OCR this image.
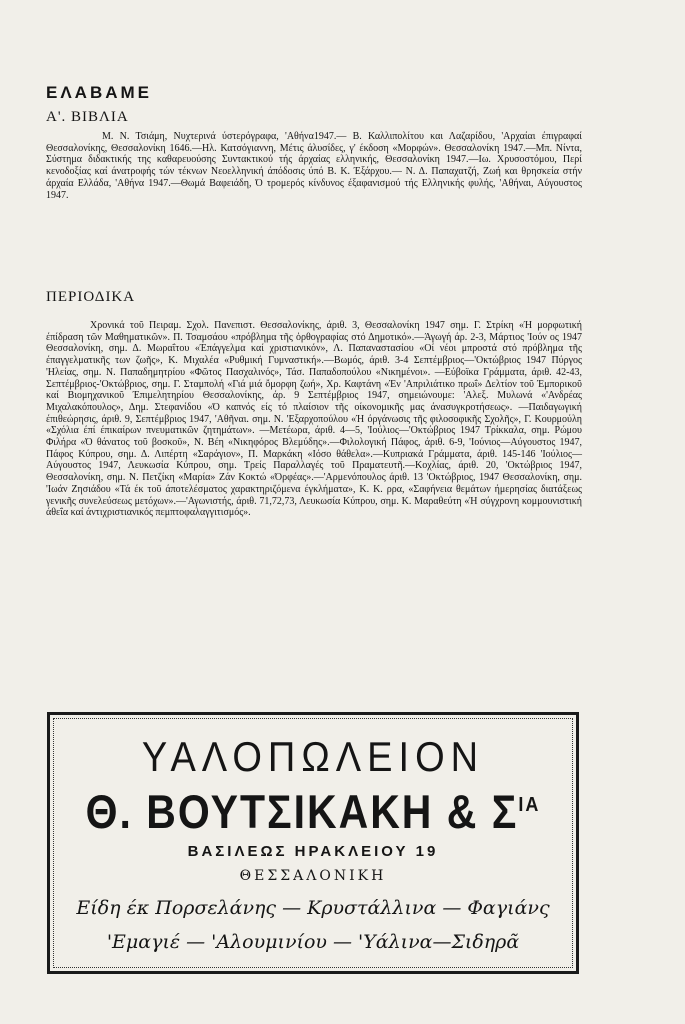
ΕΛΑΒΑΜΕ
Α'. ΒΙΒΛΙΑ
Μ. Ν. Τσιάμη, Νυχτερινά ύστερόγραφα, 'Αθήνα1947.— Β. Καλλιπολίτου και Λαζαρίδου, 'Αρχαίαι έπιγραφαί Θεσσαλονίκης, Θεσσαλονίκη 1646.—Ηλ. Κατσόγιαννη, Μέτις άλυσίδες, γ' έκδοση «Μορφών». Θεσσαλονίκη 1947.—Μπ. Νίντα, Σύστημα διδακτικής της καθαρευούσης Συντακτικού τής άρχαίας ελληνικής, Θεσσαλονίκη 1947.—Ιω. Χρυσοστόμου, Περί κενοδοξίας καί άνατροφής τών τέκνων Νεοελληνική άπόδοσις ύπό Β. Κ. Έξάρχου.— Ν. Δ. Παπαχατζή, Ζωή και θρησκεία στήν άρχαία Ελλάδα, 'Αθήνα 1947.—Θωμά Βαφειάδη, Ό τρομερός κίνδυνος έξαφανισμού τής Ελληνικής φυλής, 'Αθήναι, Αύγουστος 1947.
ΠΕΡΙΟΔΙΚΑ
Χρονικά τοῦ Πειραμ. Σχολ. Πανεπιστ. Θεσσαλονίκης, άριθ. 3, Θεσσαλονίκη 1947 σημ. Γ. Στρίκη «Ή μορφωτική έπίδραση τῶν Μαθηματικῶν». Π. Τσαμσάου «πρόβλημα τῆς ὀρθογραφίας στό Δημοτικό».—Άγωγή άρ. 2-3, Μάρτιος 'Ιούν ος 1947 Θεσσαλονίκη, σημ. Δ. Μωραΐτου «Έπάγγελμα καί χριστιανικόν», Λ. Παπαναστασίου «Οί νέοι μπροστά στό πρόβλημα τῆς έπαγγελματικῆς των ζωῆς», Κ. Μιχαλέα «Ρυθμική Γυμναστική».—Βωμός, άριθ. 3-4 Σεπτέμβριος—'Οκτώβριος 1947 Πύργος 'Ηλείας, σημ. Ν. Παπαδημητρίου «Φῶτος Πασχαλινός», Τάσ. Παπαδοπούλου «Νικημένοι». —Εύβοϊκα Γράμματα, άριθ. 42-43, Σεπτέμβριος-'Οκτώβριος, σημ. Γ. Σταμπολή «Γιά μιά ὄμορφη ζωή», Χρ. Καφτάνη «Έν 'Απριλιάτικο πρωΐ» Δελτίον τοῦ Έμπορικοῦ καί Βιομηχανικοῦ Έπιμελητηρίου Θεσσαλονίκης, άρ. 9 Σεπτέμβριος 1947, σημειώνουμε: 'Αλεξ. Μυλωνά «'Ανδρέας Μιχαλακόπουλος», Δημ. Στεφανίδου «Ό καπνός είς τό πλαίσιον τῆς οίκονομικῆς μας άνασυγκροτήσεως». —Παιδαγωγική έπιθεώρησις, άριθ. 9, Σεπτέμβριος 1947, 'Αθῆναι. σημ. Ν. 'Εξαρχοπούλου «Ή όργάνωσις τῆς φιλοσοφικῆς Σχολῆς», Γ. Κουρμούλη «Σχόλια έπί έπικαίρων πνευματικῶν ζητημάτων». —Μετέωρα, άριθ. 4—5, 'Ιούλιος—'Οκτώβριος 1947 Τρίκκαλα, σημ. Ρώμου Φιλήρα «Ό θάνατος τοῦ βοσκοῦ», Ν. Βέη «Νικηφόρος Βλεμύδης».—Φιλολογική Πάφος, άριθ. 6-9, 'Ιούνιος—Αύγουστος 1947, Πάφος Κύπρου, σημ. Δ. Λιπέρτη «Σαράγιον», Π. Μαρκάκη «Ιόσο θάθελα».—Κυπριακά Γράμματα, άριθ. 145-146 'Ιούλιος—Αύγουστος 1947, Λευκωσία Κύπρου, σημ. Τρείς Παραλλαγές τοῦ Πραματευτῆ.—Κοχλίας, άριθ. 20, 'Οκτώβριος 1947, Θεσσαλονίκη, σημ. Ν. Πετζίκη «Μαρία» Ζάν Κοκτώ «Όρφέας».—'Αρμενόπουλος άριθ. 13 'Οκτώβριος, 1947 Θεσσαλονίκη, σημ. 'Ιωάν Ζησιάδου «Τά έκ τοῦ άποτελέσματος χαρακτηριζόμενα έγκλήματα», Κ. Κ. ρρα, «Σαφήνεια θεμάτων ήμερησίας διατάξεως γενικῆς συνελεύσεως μετόχων».—'Αγωνιστής, άριθ. 71,72,73, Λευκωσία Κύπρου, σημ. Κ. Μαραθεύτη «Ή σύγχρονη κομμουνιστική άθεΐα καί άντιχριστιανικός πεμπτοφαλαγγιτισμός».
ΥΑΛΟΠΩΛΕΙΟΝ
Θ. ΒΟΥΤΣΙΚΑΚΗ & $\Sigma^{IA}$
ΒΑΣΙΛΕΩΣ ΗΡΑΚΛΕΙΟΥ 19
ΘΕΣΣΑΛΟΝΙΚΗ
Είδη έκ Πορσελάνης — Κρυστάλλινα — Φαγιάνς
'Εμαγιέ — 'Αλουμινίου — 'Υάλινα—Σιδηρᾶ
